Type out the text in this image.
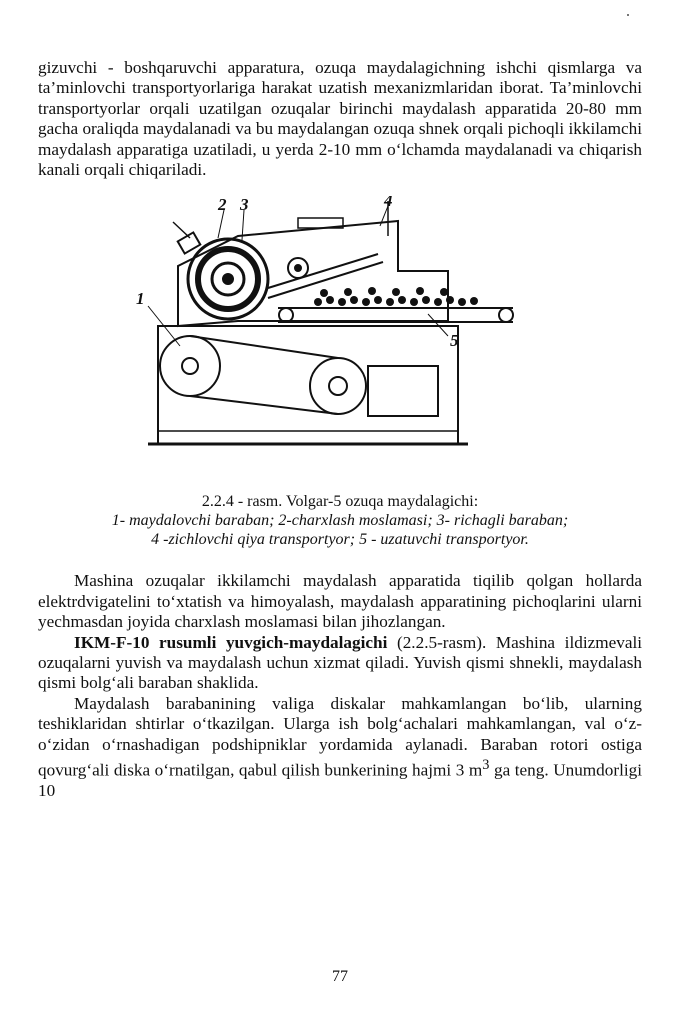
gizuvchi - boshqaruvchi apparatura, ozuqa maydalagichning ishchi qismlarga va ta’minlovchi transportyorlariga harakat uzatish mexanizmlaridan iborat. Ta’minlovchi transportyorlar orqali uzatilgan ozuqalar birinchi maydalash apparatida 20-80 mm gacha oraliqda maydalanadi va bu maydalangan ozuqa shnek orqali pichoqli ikkilamchi maydalash apparatiga uzatiladi, u yerda 2-10 mm o‘lchamda maydalanadi va chiqarish kanali orqali chiqariladi.

1
2 3	4
5
2.2.4 - rasm. Volgar-5 ozuqa maydalagichi:
1- maydalovchi baraban; 2-charxlash moslamasi; 3- richagli baraban;
4 -zichlovchi qiya transportyor; 5 - uzatuvchi transportyor.

Mashina ozuqalar ikkilamchi maydalash apparatida tiqilib qolgan hollarda elektrdvigatelini to‘xtatish va himoyalash, maydalash apparatining pichoqlarini ularni yechmasdan joyida charxlash moslamasi bilan jihozlangan.

IKM-F-10 rusumli yuvgich-maydalagichi (2.2.5-rasm). Mashina ildizmevali ozuqalarni yuvish va maydalash uchun xizmat qiladi. Yuvish qismi shnekli, maydalash qismi bolg‘ali baraban shaklida.

Maydalash barabanining valiga diskalar mahkamlangan bo‘lib, ularning teshiklaridan shtirlar o‘tkazilgan. Ularga ish bolg‘achalari mahkamlangan, val o‘z-o‘zidan o‘rnashadigan podshipniklar yordamida aylanadi. Baraban rotori ostiga qovurg‘ali diska o‘rnatilgan, qabul qilish bunkerining hajmi 3 $m^3$ ga teng. Unumdorligi 10

77
